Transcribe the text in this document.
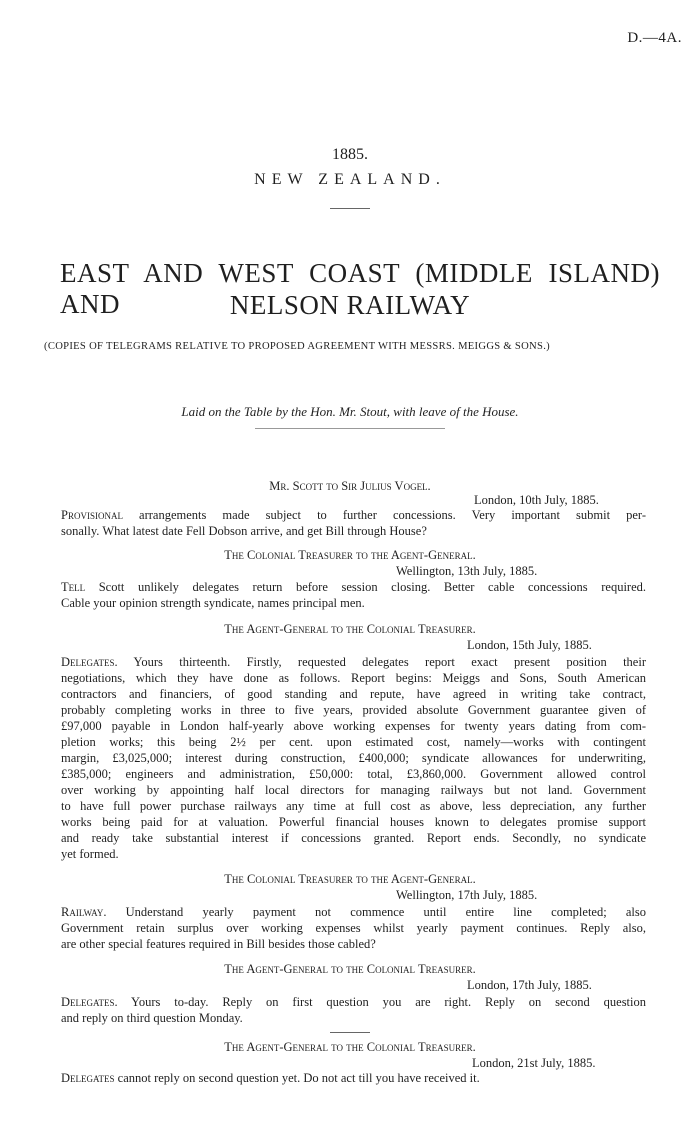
D.—4A.
1885.
NEW ZEALAND.
EAST AND WEST COAST (MIDDLE ISLAND) AND	NELSON RAILWAY
(COPIES OF TELEGRAMS RELATIVE TO PROPOSED AGREEMENT WITH MESSRS. MEIGGS & SONS.)
Laid on the Table by the Hon. Mr. Stout, with leave of the House.
Mr. Scott to Sir Julius Vogel.
London, 10th July, 1885.
Provisional arrangements made subject to further concessions. Very important submit per-
sonally. What latest date Fell Dobson arrive, and get Bill through House?
The Colonial Treasurer to the Agent-General.
Wellington, 13th July, 1885.
Tell Scott unlikely delegates return before session closing. Better cable concessions required.
Cable your opinion strength syndicate, names principal men.
The Agent-General to the Colonial Treasurer.
London, 15th July, 1885.
Delegates. Yours thirteenth. Firstly, requested delegates report exact present position their
negotiations, which they have done as follows. Report begins: Meiggs and Sons, South American
contractors and financiers, of good standing and repute, have agreed in writing take contract,
probably completing works in three to five years, provided absolute Government guarantee given of
£97,000 payable in London half-yearly above working expenses for twenty years dating from com-
pletion works; this being 2½ per cent. upon estimated cost, namely—works with contingent
margin, £3,025,000; interest during construction, £400,000; syndicate allowances for underwriting,
£385,000; engineers and administration, £50,000: total, £3,860,000. Government allowed control
over working by appointing half local directors for managing railways but not land. Government
to have full power purchase railways any time at full cost as above, less depreciation, any further
works being paid for at valuation. Powerful financial houses known to delegates promise support
and ready take substantial interest if concessions granted. Report ends. Secondly, no syndicate
yet formed.
The Colonial Treasurer to the Agent-General.
Wellington, 17th July, 1885.
Railway. Understand yearly payment not commence until entire line completed; also
Government retain surplus over working expenses whilst yearly payment continues. Reply also,
are other special features required in Bill besides those cabled?
The Agent-General to the Colonial Treasurer.
London, 17th July, 1885.
Delegates. Yours to-day. Reply on first question you are right. Reply on second question
and reply on third question Monday.
The Agent-General to the Colonial Treasurer.
London, 21st July, 1885.
Delegates cannot reply on second question yet. Do not act till you have received it.
